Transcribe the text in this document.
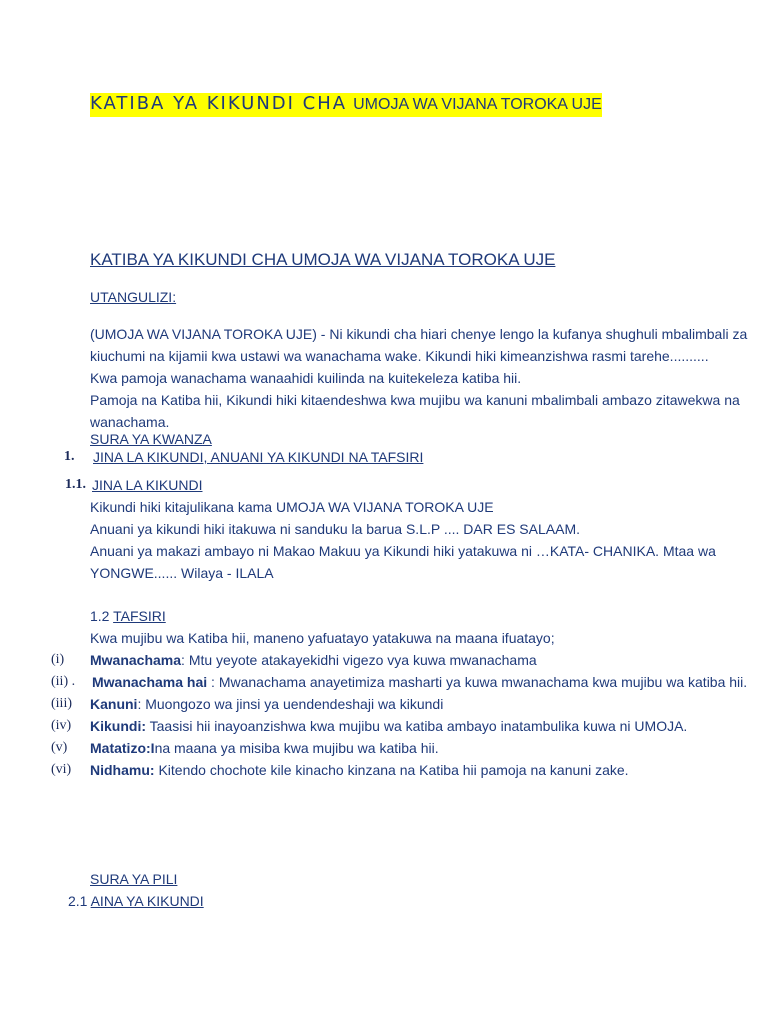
KATIBA YA KIKUNDI CHA UMOJA WA VIJANA TOROKA UJE
KATIBA YA KIKUNDI CHA UMOJA WA VIJANA TOROKA UJE
UTANGULIZI:
(UMOJA WA VIJANA TOROKA UJE) - Ni kikundi cha hiari chenye lengo la kufanya shughuli mbalimbali za
kiuchumi na kijamii kwa ustawi wa wanachama wake. Kikundi hiki kimeanzishwa rasmi tarehe..........
Kwa pamoja wanachama wanaahidi kuilinda na kuitekeleza katiba hii.
Pamoja na Katiba hii, Kikundi hiki kitaendeshwa kwa mujibu wa kanuni mbalimbali ambazo zitawekwa na
wanachama.
SURA YA KWANZA
1. JINA LA KIKUNDI, ANUANI YA KIKUNDI NA TAFSIRI
1.1. JINA LA KIKUNDI
Kikundi hiki kitajulikana kama UMOJA WA VIJANA TOROKA UJE
Anuani ya kikundi hiki itakuwa ni sanduku la barua S.L.P .... DAR ES SALAAM.
Anuani ya makazi ambayo ni Makao Makuu ya Kikundi hiki yatakuwa ni …KATA- CHANIKA. Mtaa wa
YONGWE...... Wilaya - ILALA
1.2 TAFSIRI
Kwa mujibu wa Katiba hii, maneno yafuatayo yatakuwa na maana ifuatayo;
(i) Mwanachama: Mtu yeyote atakayekidhi vigezo vya kuwa mwanachama
(ii) . Mwanachama hai : Mwanachama anayetimiza masharti ya kuwa mwanachama kwa mujibu wa katiba hii.
(iii) Kanuni: Muongozo wa jinsi ya uendendeshaji wa kikundi
(iv) Kikundi: Taasisi hii inayoanzishwa kwa mujibu wa katiba ambayo inatambulika kuwa ni UMOJA.
(v) Matatizo:Ina maana ya misiba kwa mujibu wa katiba hii.
(vi) Nidhamu: Kitendo chochote kile kinacho kinzana na Katiba hii pamoja na kanuni zake.
SURA YA PILI
2.1 AINA YA KIKUNDI
